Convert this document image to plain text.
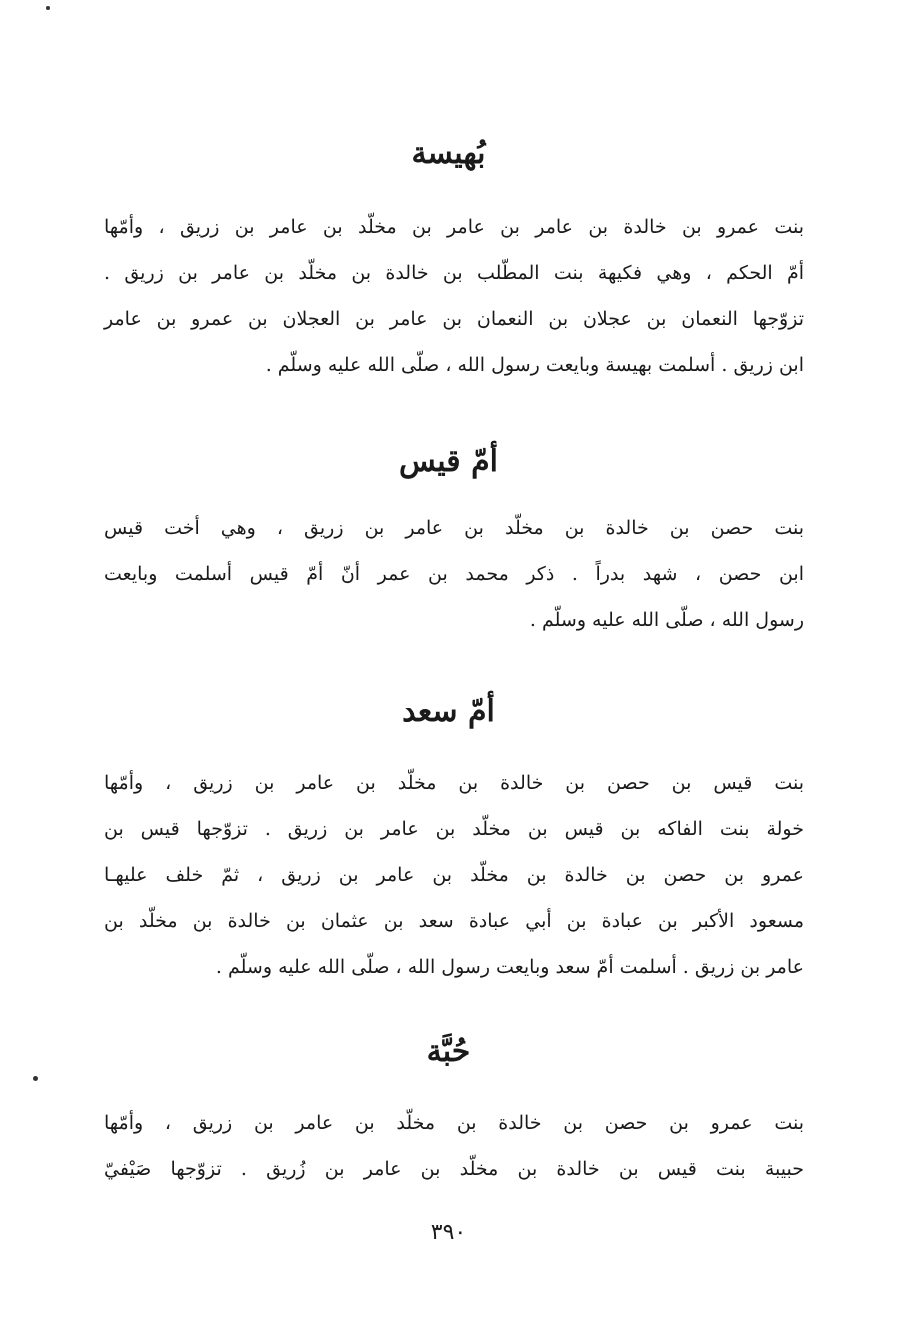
بُهيسة
بنت عمرو بن خالدة بن عامر بن عامر بن مخلّد بن عامر بن زريق ، وأمّها
أمّ الحكم ، وهي فكيهة بنت المطّلب بن خالدة بن مخلّد بن عامر بن زريق .
تزوّجها النعمان بن عجلان بن النعمان بن عامر بن العجلان بن عمرو بن عامر
ابن زريق . أسلمت بهيسة وبايعت رسول الله ، صلّى الله عليه وسلّم .
أمّ قيس
بنت حصن بن خالدة بن مخلّد بن عامر بن زريق ، وهي أخت قيس
ابن حصن ، شهد بدراً . ذكر محمد بن عمر أنّ أمّ قيس أسلمت وبايعت
رسول الله ، صلّى الله عليه وسلّم .
أمّ سعد
بنت قيس بن حصن بن خالدة بن مخلّد بن عامر بن زريق ، وأمّها
خولة بنت الفاكه بن قيس بن مخلّد بن عامر بن زريق . تزوّجها قيس بن
عمرو بن حصن بن خالدة بن مخلّد بن عامر بن زريق ، ثمّ خلف عليهـا
مسعود الأكبر بن عبادة بن أبي عبادة سعد بن عثمان بن خالدة بن مخلّد بن
عامر بن زريق . أسلمت أمّ سعد وبايعت رسول الله ، صلّى الله عليه وسلّم .
حُبَّة
بنت عمرو بن حصن بن خالدة بن مخلّد بن عامر بن زريق ، وأمّها
حبيبة بنت قيس بن خالدة بن مخلّد بن عامر بن زُريق . تزوّجها صَيْفيّ
٣٩٠
